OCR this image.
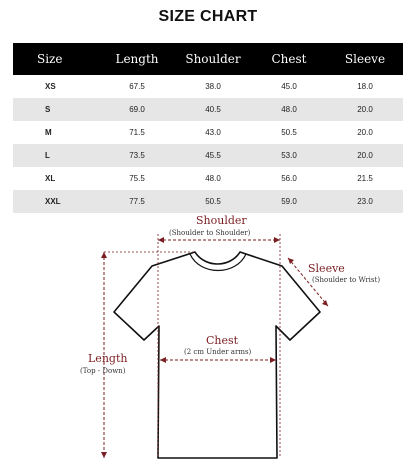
SIZE CHART
Size	Length	Shoulder	Chest	Sleeve
XS	67.5	38.0	45.0	18.0
S	69.0	40.5	48.0	20.0
M	71.5	43.0	50.5	20.0
L	73.5	45.5	53.0	20.0
XL	75.5	48.0	56.0	21.5
XXL	77.5	50.5	59.0	23.0
Shoulder
(Shoulder to Shoulder)
Sleeve
(Shoulder to Wrist)
Chest
(2 cm Under arms)
Length
(Top - Down)
